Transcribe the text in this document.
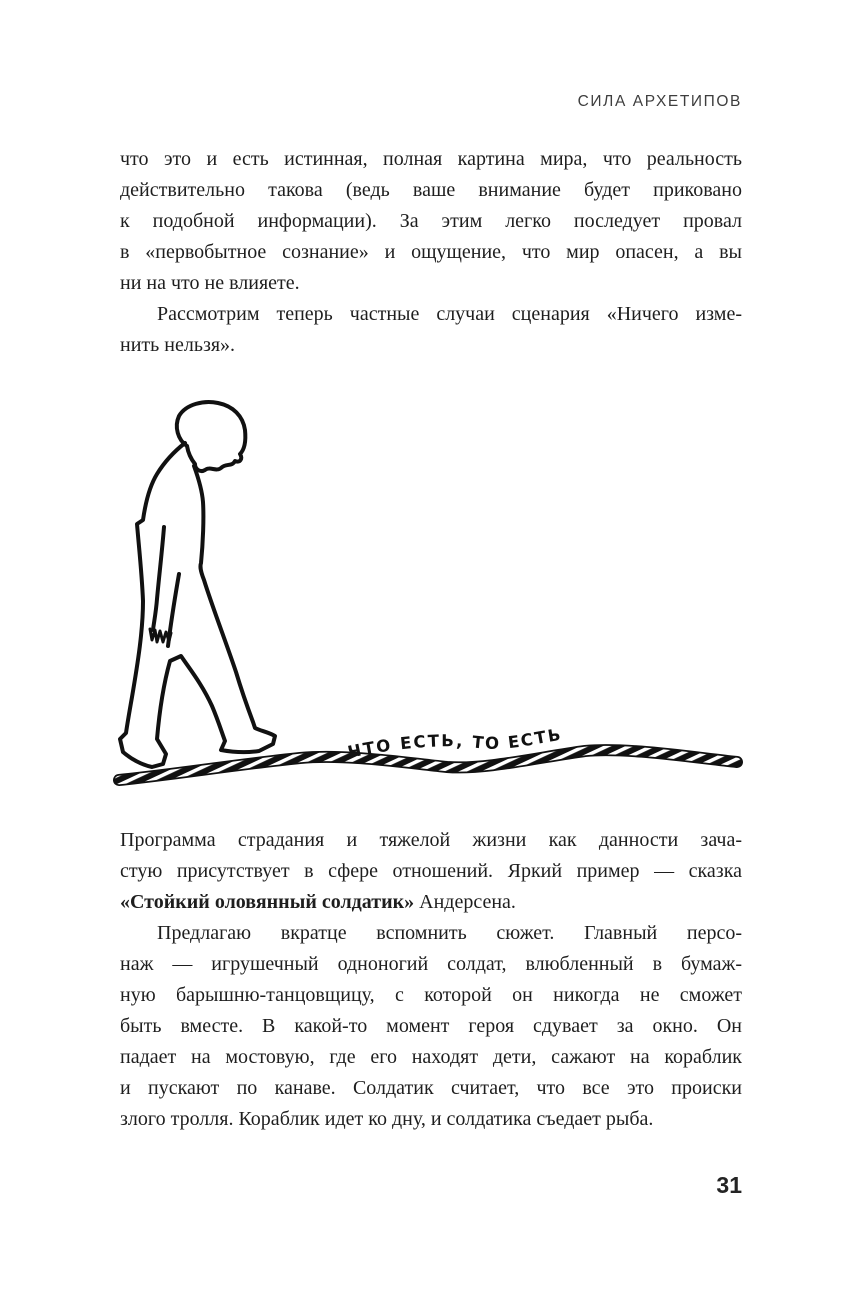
СИЛА АРХЕТИПОВ
что это и есть истинная, полная картина мира, что реальность
действительно такова (ведь ваше внимание будет приковано
к подобной информации). За этим легко последует провал
в «первобытное сознание» и ощущение, что мир опасен, а вы
ни на что не влияете.
Рассмотрим теперь частные случаи сценария «Ничего изме-
нить нельзя».
ЧТО ЕСТЬ, ТО ЕСТЬ
Программа страдания и тяжелой жизни как данности зача-
стую присутствует в сфере отношений. Яркий пример — сказка
«Стойкий оловянный солдатик» Андерсена.
Предлагаю вкратце вспомнить сюжет. Главный персо-
наж — игрушечный одноногий солдат, влюбленный в бумаж-
ную барышню-танцовщицу, с которой он никогда не сможет
быть вместе. В какой-то момент героя сдувает за окно. Он
падает на мостовую, где его находят дети, сажают на кораблик
и пускают по канаве. Солдатик считает, что все это происки
злого тролля. Кораблик идет ко дну, и солдатика съедает рыба.
31
